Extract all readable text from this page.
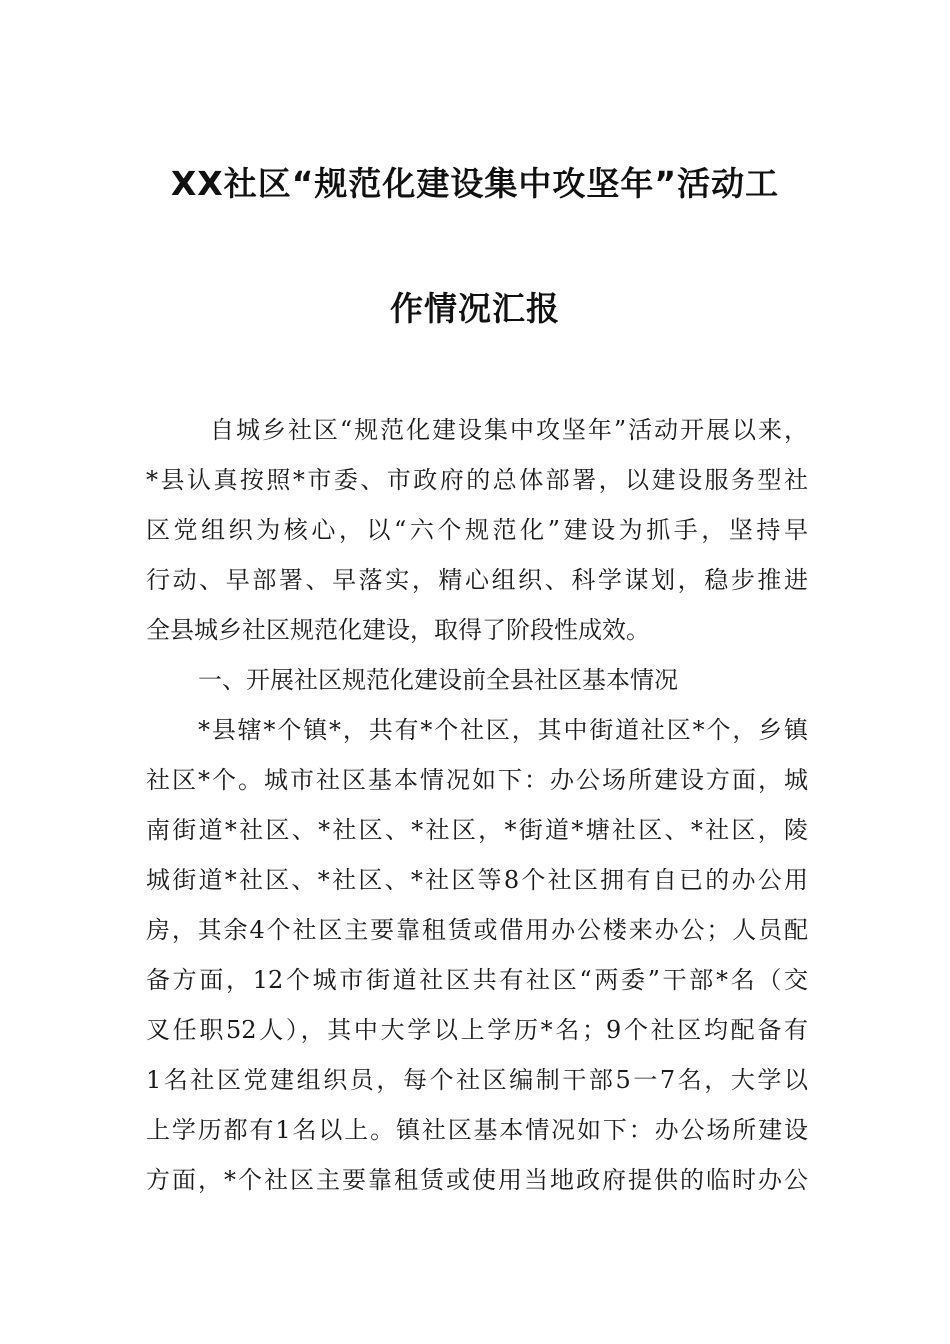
XX社区“规范化建设集中攻坚年”活动工
作情况汇报
自城乡社区“规范化建设集中攻坚年”活动开展以来，
*县认真按照*市委、市政府的总体部署，以建设服务型社
区党组织为核心，以“六个规范化”建设为抓手，坚持早
行动、早部署、早落实，精心组织、科学谋划，稳步推进
全县城乡社区规范化建设，取得了阶段性成效。
一、开展社区规范化建设前全县社区基本情况
*县辖*个镇*，共有*个社区，其中街道社区*个，乡镇
社区*个。城市社区基本情况如下：办公场所建设方面，城
南街道*社区、*社区、*社区，*街道*塘社区、*社区，陵
城街道*社区、*社区、*社区等8个社区拥有自已的办公用
房，其余4个社区主要靠租赁或借用办公楼来办公；人员配
备方面，12个城市街道社区共有社区“两委”干部*名（交
叉任职52人），其中大学以上学历*名；9个社区均配备有
1名社区党建组织员，每个社区编制干部5一7名，大学以
上学历都有1名以上。镇社区基本情况如下：办公场所建设
方面，*个社区主要靠租赁或使用当地政府提供的临时办公
